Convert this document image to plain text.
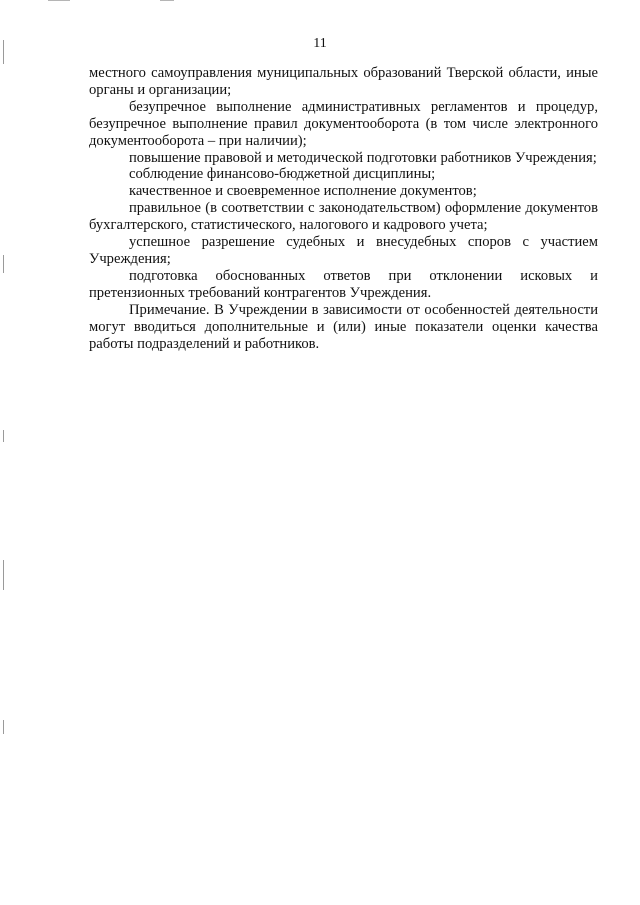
11

местного самоуправления муниципальных образований Тверской области, иные органы и организации;

безупречное выполнение административных регламентов и процедур, безупречное выполнение правил документооборота (в том числе электронного документооборота – при наличии);

повышение правовой и методической подготовки работников Учреждения;

соблюдение финансово-бюджетной дисциплины;

качественное и своевременное исполнение документов;

правильное (в соответствии с законодательством) оформление документов бухгалтерского, статистического, налогового и кадрового учета;

успешное разрешение судебных и внесудебных споров с участием Учреждения;

подготовка обоснованных ответов при отклонении исковых и претензионных требований контрагентов Учреждения.

Примечание. В Учреждении в зависимости от особенностей деятельности могут вводиться дополнительные и (или) иные показатели оценки качества работы подразделений и работников.
